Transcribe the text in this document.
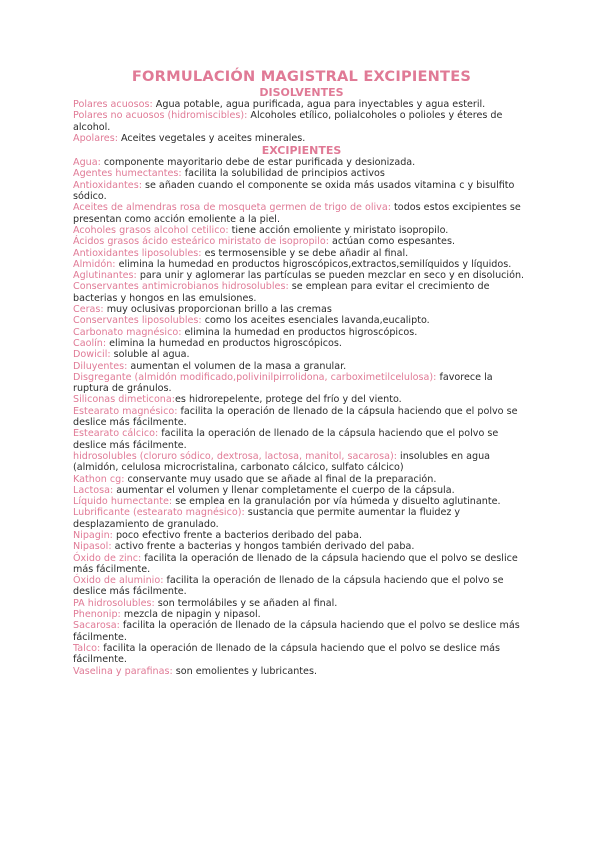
FORMULACIÓN MAGISTRAL EXCIPIENTES
DISOLVENTES

Polares acuosos: Agua potable, agua purificada, agua para inyectables y agua esteril.

Polares no acuosos (hidromiscibles): Alcoholes etílico, polialcoholes o polioles y éteres de alcohol.

Apolares: Aceites vegetales y aceites minerales.

EXCIPIENTES

Agua: componente mayoritario debe de estar purificada y desionizada.

Agentes humectantes: facilita la solubilidad de principios activos

Antioxidantes: se añaden cuando el componente se oxida más usados vitamina c y bisulfito sódico.

Aceites de almendras rosa de mosqueta germen de trigo de oliva: todos estos excipientes se presentan como acción emoliente a la piel.

Acoholes grasos alcohol cetilico: tiene acción emoliente y miristato isopropilo.

Ácidos grasos ácido esteárico miristato de isopropilo: actúan como espesantes.

Antioxidantes liposolubles: es termosensible y se debe añadir al final.

Almidón: elimina la humedad en productos higroscópicos,extractos,semilíquidos y líquidos.

Aglutinantes: para unir y aglomerar las partículas se pueden mezclar en seco y en disolución.

Conservantes antimicrobianos hidrosolubles: se emplean para evitar el crecimiento de bacterias y hongos en las emulsiones.

Ceras: muy oclusivas proporcionan brillo a las cremas

Conservantes liposolubles: como los aceites esenciales lavanda,eucalipto.

Carbonato magnésico: elimina la humedad en productos higroscópicos.

Caolín: elimina la humedad en productos higroscópicos.

Dowicil: soluble al agua.

Diluyentes: aumentan el volumen de la masa a granular.

Disgregante (almidón modificado,polivinilpirrolidona, carboximetilcelulosa): favorece la ruptura de gránulos.

Siliconas dimeticona:es hidrorepelente, protege del frío y del viento.

Estearato magnésico: facilita la operación de llenado de la cápsula haciendo que el polvo se deslice más fácilmente.

Estearato cálcico: facilita la operación de llenado de la cápsula haciendo que el polvo se deslice más fácilmente.

hidrosolubles (cloruro sódico, dextrosa, lactosa, manitol, sacarosa): insolubles en agua (almidón, celulosa microcristalina, carbonato cálcico, sulfato cálcico)

Kathon cg: conservante muy usado que se añade al final de la preparación.

Lactosa: aumentar el volumen y llenar completamente el cuerpo de la cápsula.

Líquido humectante: se emplea en la granulación por vía húmeda y disuelto aglutinante.

Lubrificante (estearato magnésico): sustancia que permite aumentar la fluidez y desplazamiento de granulado.

Nipagin: poco efectivo frente a bacterios deribado del paba.

Nipasol: activo frente a bacterias y hongos también derivado del paba.

Óxido de zinc: facilita la operación de llenado de la cápsula haciendo que el polvo se deslice más fácilmente.

Óxido de aluminio: facilita la operación de llenado de la cápsula haciendo que el polvo se deslice más fácilmente.

PA hidrosolubles: son termolábiles y se añaden al final.

Phenonip: mezcla de nipagin y nipasol.

Sacarosa: facilita la operación de llenado de la cápsula haciendo que el polvo se deslice más fácilmente.

Talco: facilita la operación de llenado de la cápsula haciendo que el polvo se deslice más fácilmente.

Vaselina y parafinas: son emolientes y lubricantes.
